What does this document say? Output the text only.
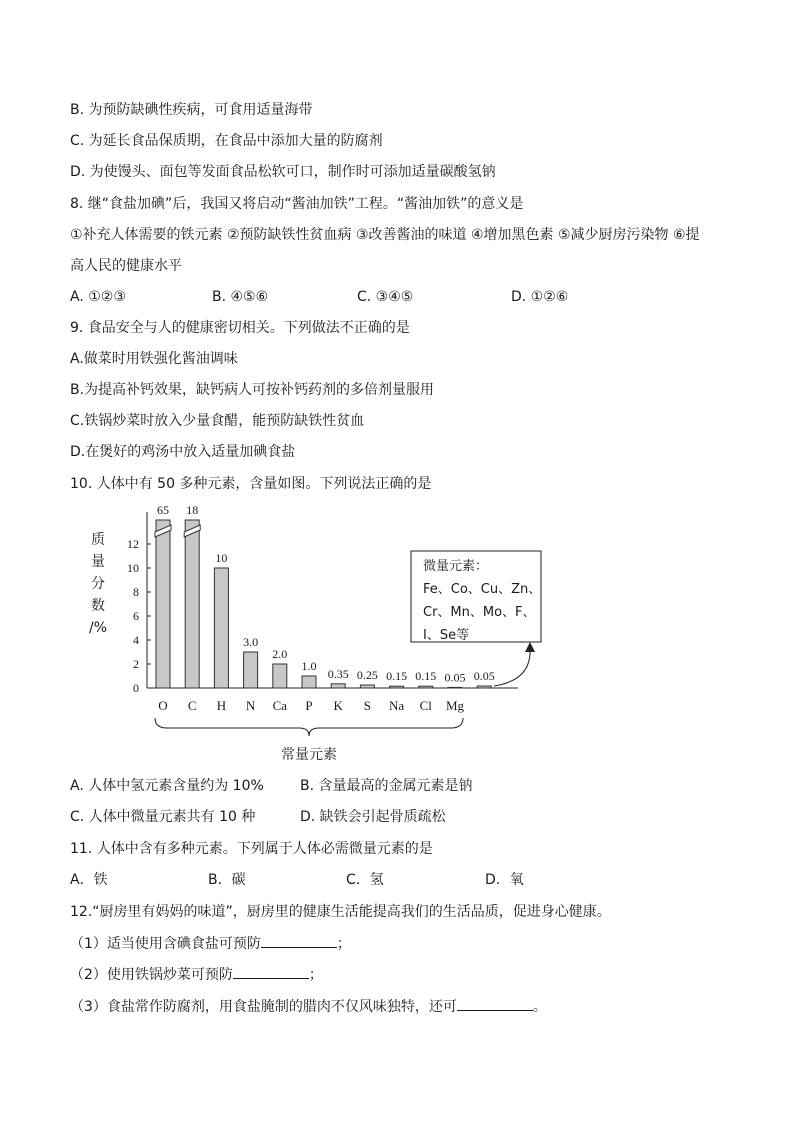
B. 为预防缺碘性疾病，可食用适量海带
C. 为延长食品保质期，在食品中添加大量的防腐剂
D. 为使馒头、面包等发面食品松软可口，制作时可添加适量碳酸氢钠
8. 继“食盐加碘”后，我国又将启动“酱油加铁”工程。“酱油加铁”的意义是
①补充人体需要的铁元素 ②预防缺铁性贫血病 ③改善酱油的味道 ④增加黑色素 ⑤减少厨房污染物 ⑥提
高人民的健康水平
A. ①②③	B. ④⑤⑥	C. ③④⑤	D. ①②⑥
9. 食品安全与人的健康密切相关。下列做法不正确的是
A.做菜时用铁强化酱油调味
B.为提高补钙效果，缺钙病人可按补钙药剂的多倍剂量服用
C.铁锅炒菜时放入少量食醋，能预防缺铁性贫血
D.在煲好的鸡汤中放入适量加碘食盐
10. 人体中有 50 多种元素，含量如图。下列说法正确的是
0
2
4
6
8
10
12
质
量
分
数
/%
65
O
18
C
10
H
3.0
N
2.0
Ca
1.0
P
0.35
K
0.25
S
0.15
Na
0.15
Cl
0.05
Mg
0.05
微量元素：
Fe、Co、Cu、Zn、
Cr、Mn、Mo、F、
I、Se等
常量元素
A. 人体中氢元素含量约为 10%	B. 含量最高的金属元素是钠
C. 人体中微量元素共有 10 种	D. 缺铁会引起骨质疏松
11. 人体中含有多种元素。下列属于人体必需微量元素的是
A．铁	B．碳	C．氢	D．氧
12.“厨房里有妈妈的味道”，厨房里的健康生活能提高我们的生活品质，促进身心健康。
（1）适当使用含碘食盐可预防	；
（2）使用铁锅炒菜可预防	；
（3）食盐常作防腐剂，用食盐腌制的腊肉不仅风味独特，还可	。
